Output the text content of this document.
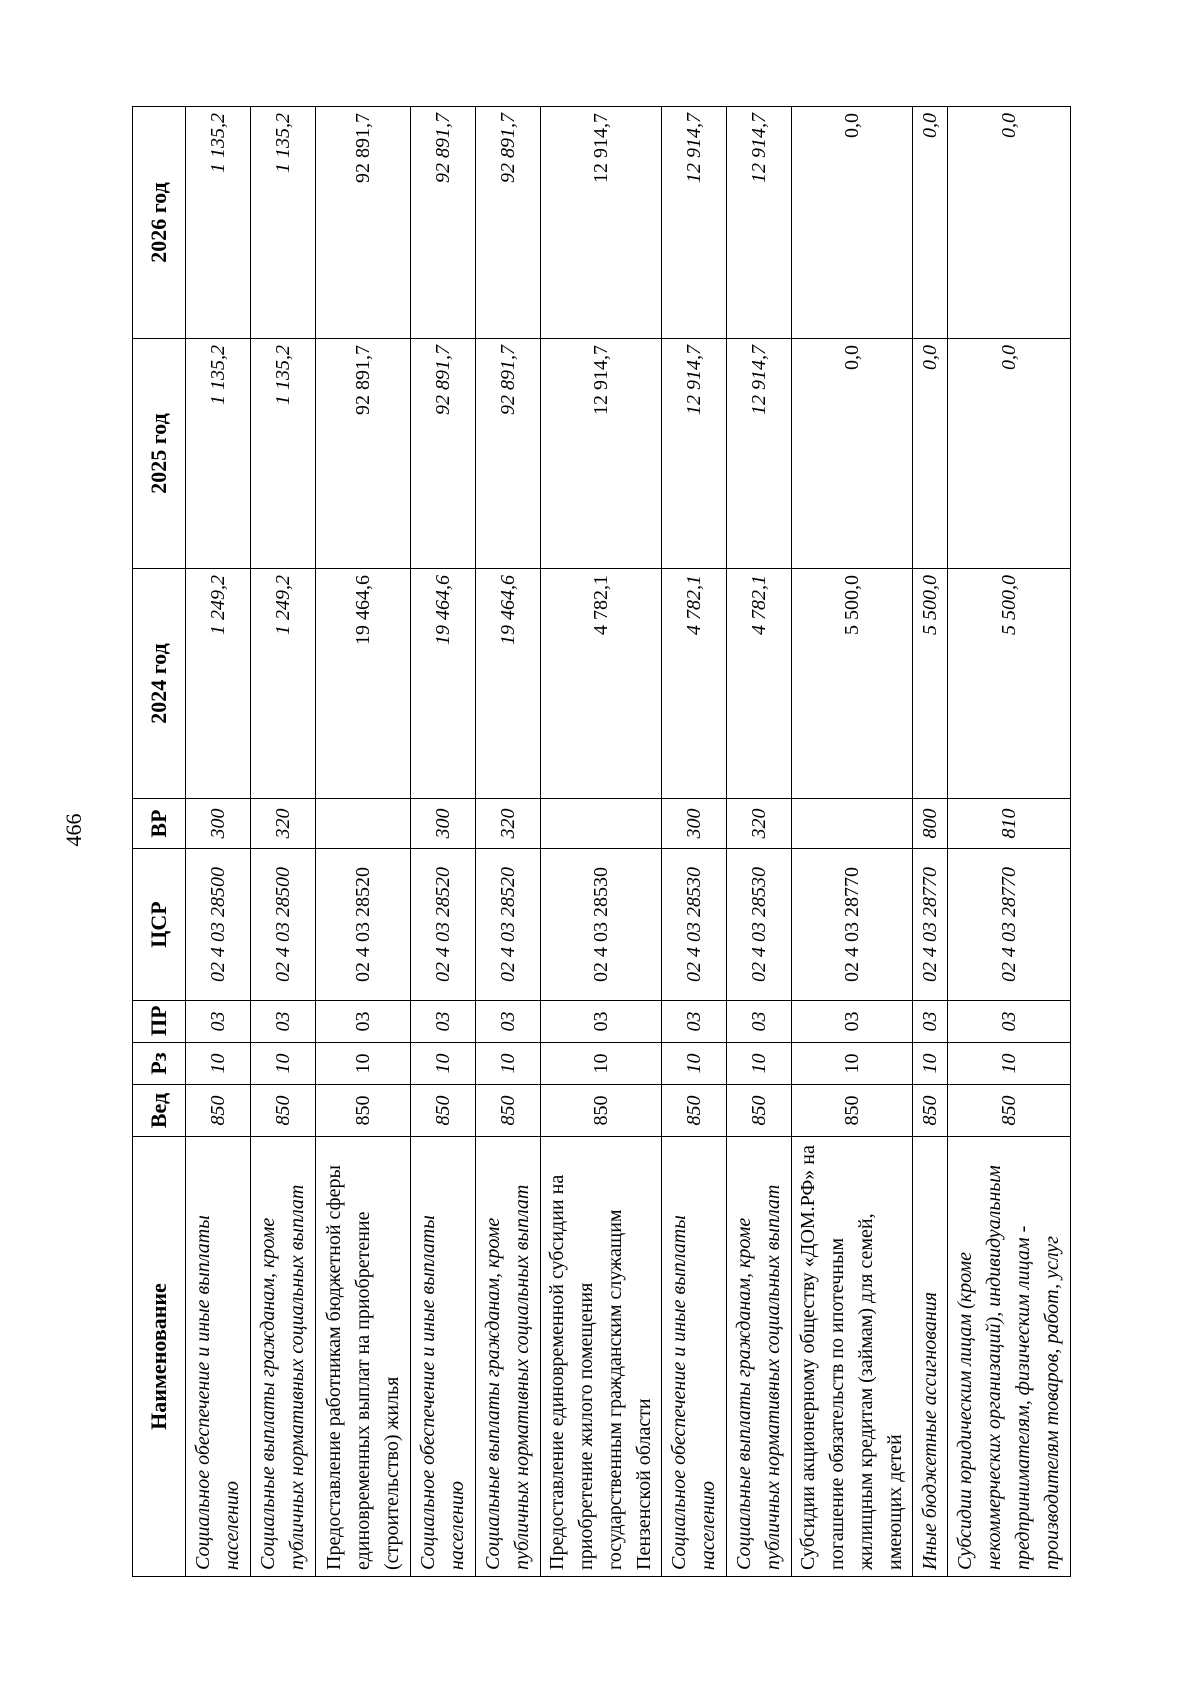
466
Наименование	Вед	Рз	ПР	ЦСР	ВР	2024 год	2025 год	2026 год
Социальное обеспечение и иные выплаты населению	850	10	03	02 4 03 28500	300	1 249,2	1 135,2	1 135,2
Социальные выплаты гражданам, кроме публичных нормативных социальных выплат	850	10	03	02 4 03 28500	320	1 249,2	1 135,2	1 135,2
Предоставление работникам бюджетной сферы единовременных выплат на приобретение (строительство) жилья	850	10	03	02 4 03 28520		19 464,6	92 891,7	92 891,7
Социальное обеспечение и иные выплаты населению	850	10	03	02 4 03 28520	300	19 464,6	92 891,7	92 891,7
Социальные выплаты гражданам, кроме публичных нормативных социальных выплат	850	10	03	02 4 03 28520	320	19 464,6	92 891,7	92 891,7
Предоставление единовременной субсидии на приобретение жилого помещения государственным гражданским служащим Пензенской области	850	10	03	02 4 03 28530		4 782,1	12 914,7	12 914,7
Социальное обеспечение и иные выплаты населению	850	10	03	02 4 03 28530	300	4 782,1	12 914,7	12 914,7
Социальные выплаты гражданам, кроме публичных нормативных социальных выплат	850	10	03	02 4 03 28530	320	4 782,1	12 914,7	12 914,7
Субсидии акционерному обществу «ДОМ.РФ» на погашение обязательств по ипотечным жилищным кредитам (займам) для семей, имеющих детей	850	10	03	02 4 03 28770		5 500,0	0,0	0,0
Иные бюджетные ассигнования	850	10	03	02 4 03 28770	800	5 500,0	0,0	0,0
Субсидии юридическим лицам (кроме некоммерческих организаций), индивидуальным предпринимателям, физическим лицам - производителям товаров, работ, услуг	850	10	03	02 4 03 28770	810	5 500,0	0,0	0,0
